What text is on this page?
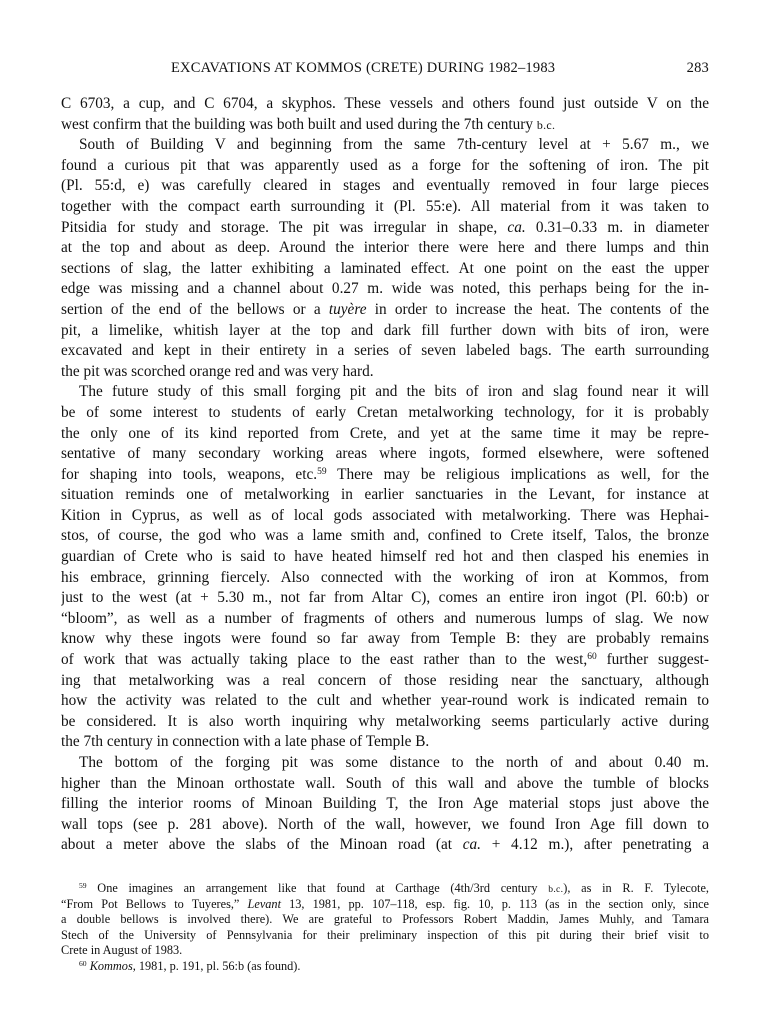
EXCAVATIONS AT KOMMOS (CRETE) DURING 1982–1983	283
C 6703, a cup, and C 6704, a skyphos. These vessels and others found just outside V on the
west confirm that the building was both built and used during the 7th century b.c.
South of Building V and beginning from the same 7th-century level at + 5.67 m., we
found a curious pit that was apparently used as a forge for the softening of iron. The pit
(Pl. 55:d, e) was carefully cleared in stages and eventually removed in four large pieces
together with the compact earth surrounding it (Pl. 55:e). All material from it was taken to
Pitsidia for study and storage. The pit was irregular in shape, ca. 0.31–0.33 m. in diameter
at the top and about as deep. Around the interior there were here and there lumps and thin
sections of slag, the latter exhibiting a laminated effect. At one point on the east the upper
edge was missing and a channel about 0.27 m. wide was noted, this perhaps being for the in-
sertion of the end of the bellows or a tuyère in order to increase the heat. The contents of the
pit, a limelike, whitish layer at the top and dark fill further down with bits of iron, were
excavated and kept in their entirety in a series of seven labeled bags. The earth surrounding
the pit was scorched orange red and was very hard.
The future study of this small forging pit and the bits of iron and slag found near it will
be of some interest to students of early Cretan metalworking technology, for it is probably
the only one of its kind reported from Crete, and yet at the same time it may be repre-
sentative of many secondary working areas where ingots, formed elsewhere, were softened
for shaping into tools, weapons, etc.$^{59}$ There may be religious implications as well, for the
situation reminds one of metalworking in earlier sanctuaries in the Levant, for instance at
Kition in Cyprus, as well as of local gods associated with metalworking. There was Hephai-
stos, of course, the god who was a lame smith and, confined to Crete itself, Talos, the bronze
guardian of Crete who is said to have heated himself red hot and then clasped his enemies in
his embrace, grinning fiercely. Also connected with the working of iron at Kommos, from
just to the west (at + 5.30 m., not far from Altar C), comes an entire iron ingot (Pl. 60:b) or
“bloom”, as well as a number of fragments of others and numerous lumps of slag. We now
know why these ingots were found so far away from Temple B: they are probably remains
of work that was actually taking place to the east rather than to the west,$^{60}$ further suggest-
ing that metalworking was a real concern of those residing near the sanctuary, although
how the activity was related to the cult and whether year-round work is indicated remain to
be considered. It is also worth inquiring why metalworking seems particularly active during
the 7th century in connection with a late phase of Temple B.
The bottom of the forging pit was some distance to the north of and about 0.40 m.
higher than the Minoan orthostate wall. South of this wall and above the tumble of blocks
filling the interior rooms of Minoan Building T, the Iron Age material stops just above the
wall tops (see p. 281 above). North of the wall, however, we found Iron Age fill down to
about a meter above the slabs of the Minoan road (at ca. + 4.12 m.), after penetrating a
$^{59}$ One imagines an arrangement like that found at Carthage (4th/3rd century b.c.), as in R. F. Tylecote,
“From Pot Bellows to Tuyeres,” Levant 13, 1981, pp. 107–118, esp. fig. 10, p. 113 (as in the section only, since
a double bellows is involved there). We are grateful to Professors Robert Maddin, James Muhly, and Tamara
Stech of the University of Pennsylvania for their preliminary inspection of this pit during their brief visit to
Crete in August of 1983.
$^{60}$ Kommos, 1981, p. 191, pl. 56:b (as found).
